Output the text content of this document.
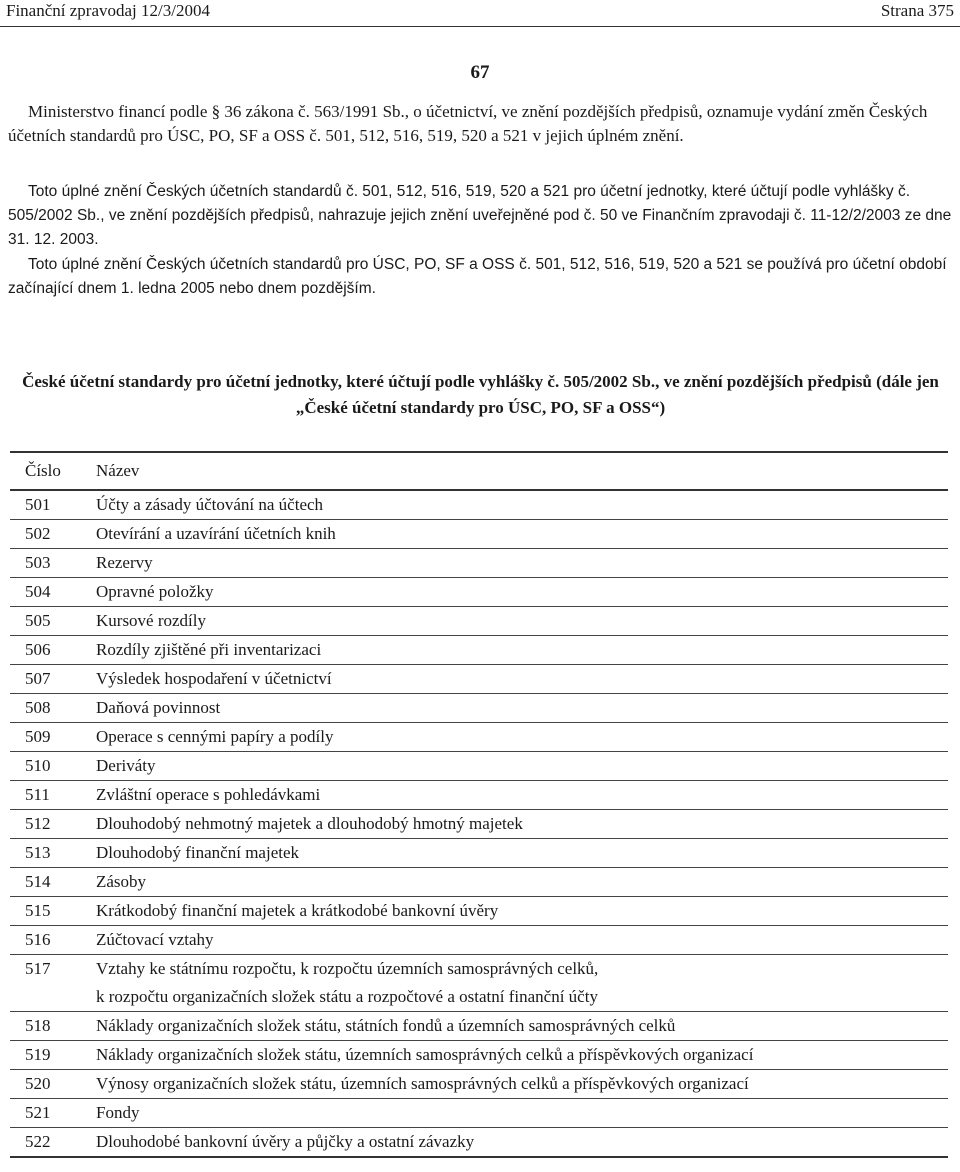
Finanční zpravodaj 12/3/2004	Strana 375
67
Ministerstvo financí podle § 36 zákona č. 563/1991 Sb., o účetnictví, ve znění pozdějších předpisů, oznamuje vydání změn Českých účetních standardů pro ÚSC, PO, SF a OSS č. 501, 512, 516, 519, 520 a 521 v jejich úplném znění.
Toto úplné znění Českých účetních standardů č. 501, 512, 516, 519, 520 a 521 pro účetní jednotky, které účtují podle vyhlášky č. 505/2002 Sb., ve znění pozdějších předpisů, nahrazuje jejich znění uveřejněné pod č. 50 ve Finančním zpravodaji č. 11-12/2/2003 ze dne 31. 12. 2003.
Toto úplné znění Českých účetních standardů pro ÚSC, PO, SF a OSS č. 501, 512, 516, 519, 520 a 521 se používá pro účetní období začínající dnem 1. ledna 2005 nebo dnem pozdějším.
České účetní standardy pro účetní jednotky, které účtují podle vyhlášky č. 505/2002 Sb., ve znění pozdějších předpisů (dále jen „České účetní standardy pro ÚSC, PO, SF a OSS“)
Číslo	Název
501	Účty a zásady účtování na účtech
502	Otevírání a uzavírání účetních knih
503	Rezervy
504	Opravné položky
505	Kursové rozdíly
506	Rozdíly zjištěné při inventarizaci
507	Výsledek hospodaření v účetnictví
508	Daňová povinnost
509	Operace s cennými papíry a podíly
510	Deriváty
511	Zvláštní operace s pohledávkami
512	Dlouhodobý nehmotný majetek a dlouhodobý hmotný majetek
513	Dlouhodobý finanční majetek
514	Zásoby
515	Krátkodobý finanční majetek a krátkodobé bankovní úvěry
516	Zúčtovací vztahy
517	Vztahy ke státnímu rozpočtu, k rozpočtu územních samosprávných celků,
k rozpočtu organizačních složek státu a rozpočtové a ostatní finanční účty
518	Náklady organizačních složek státu, státních fondů a územních samosprávných celků
519	Náklady organizačních složek státu, územních samosprávných celků a příspěvkových organizací
520	Výnosy organizačních složek státu, územních samosprávných celků a příspěvkových organizací
521	Fondy
522	Dlouhodobé bankovní úvěry a půjčky a ostatní závazky
